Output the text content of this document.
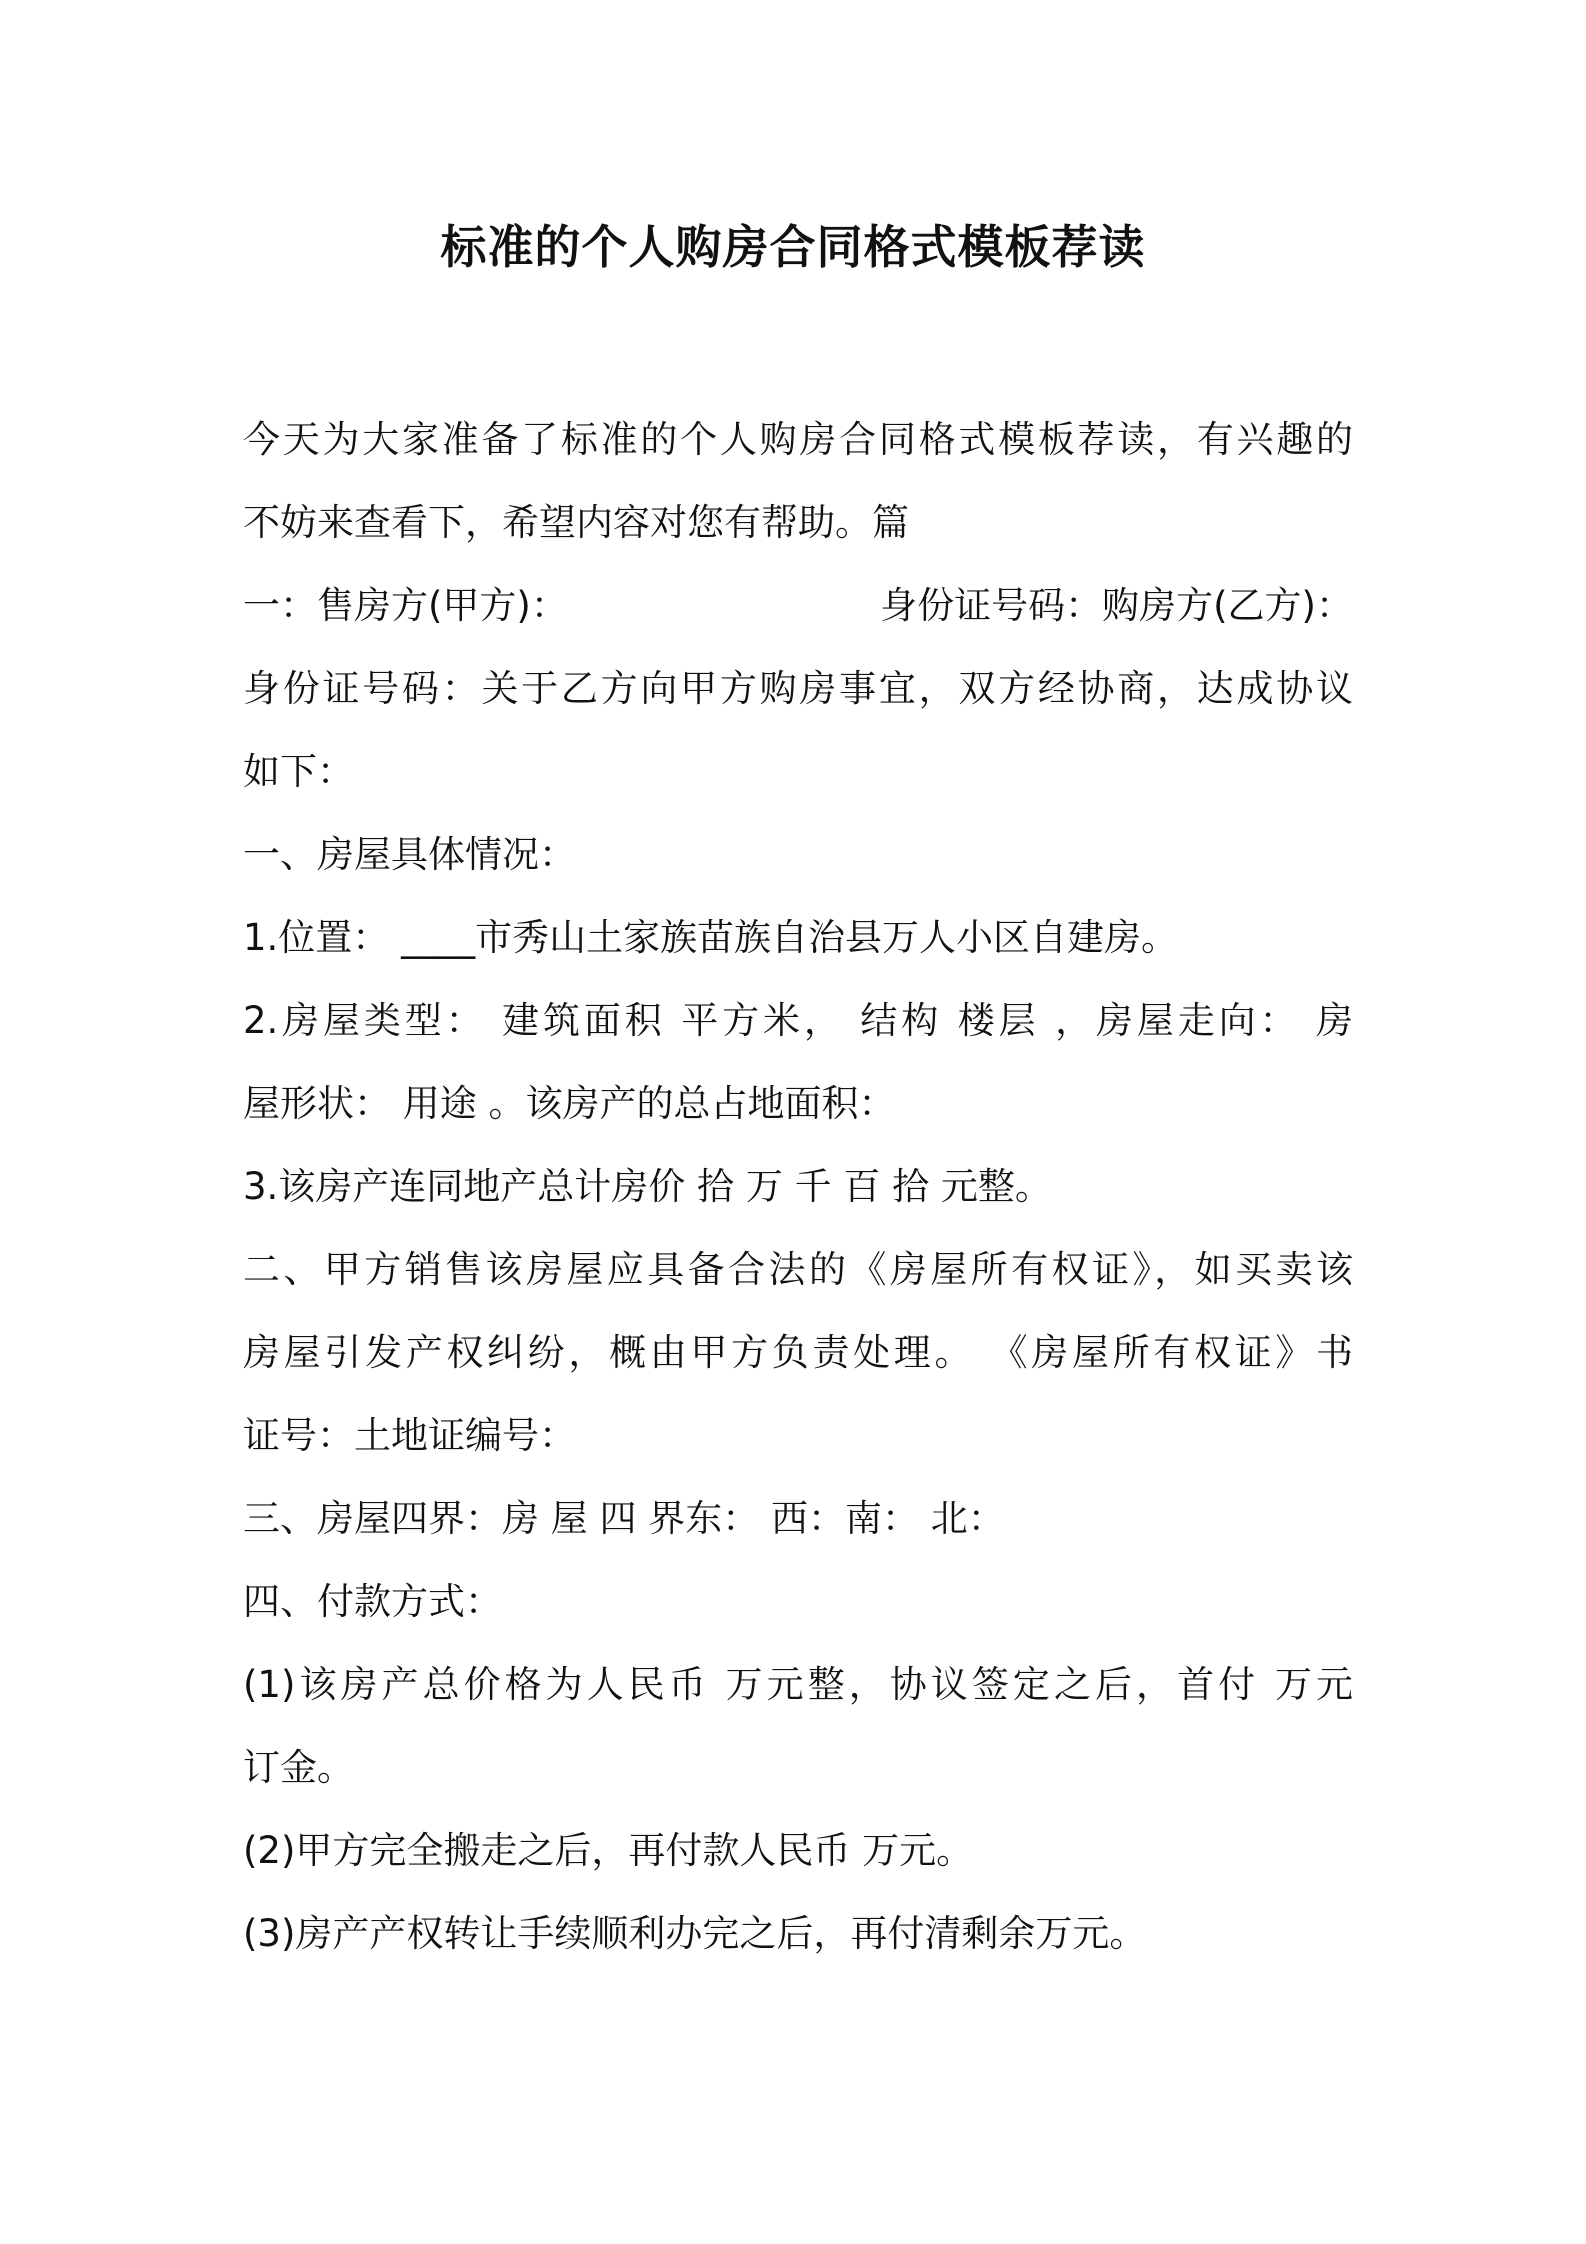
标准的个人购房合同格式模板荐读
今天为大家准备了标准的个人购房合同格式模板荐读，有兴趣的
不妨来查看下，希望内容对您有帮助。篇
一：售房方(甲方)：	身份证号码：购房方(乙方)：
身份证号码：关于乙方向甲方购房事宜，双方经协商，达成协议
如下：
一、房屋具体情况：
1.位置： ____市秀山土家族苗族自治县万人小区自建房。
2.房屋类型： 建筑面积 平方米， 结构 楼层 ，房屋走向： 房
屋形状： 用途 。该房产的总占地面积：
3.该房产连同地产总计房价 拾 万 千 百 拾 元整。
二、甲方销售该房屋应具备合法的《房屋所有权证》，如买卖该
房屋引发产权纠纷，概由甲方负责处理。 《房屋所有权证》书
证号：土地证编号：
三、房屋四界：房 屋 四 界东： 西：南： 北：
四、付款方式：
(1)该房产总价格为人民币 万元整，协议签定之后，首付 万元
订金。
(2)甲方完全搬走之后，再付款人民币 万元。
(3)房产产权转让手续顺利办完之后，再付清剩余万元。
